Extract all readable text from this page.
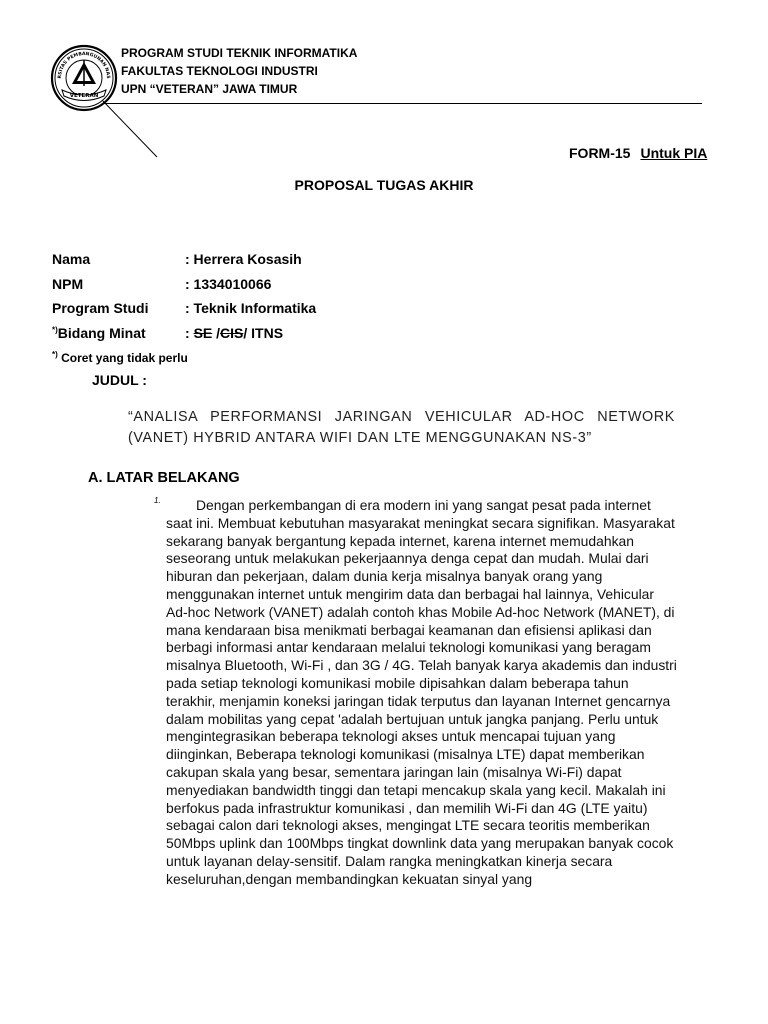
RSITAS PEMBANGUNAN NAS
VETERAN
PROGRAM STUDI TEKNIK INFORMATIKA
FAKULTAS TEKNOLOGI INDUSTRI
UPN “VETERAN” JAWA TIMUR
FORM-15 Untuk PIA
PROPOSAL TUGAS AKHIR
Nama	: Herrera Kosasih
NPM	: 1334010066
Program Studi	: Teknik Informatika
*)Bidang Minat	: SE /CIS/ ITNS
*) Coret yang tidak perlu
JUDUL :
“ANALISA PERFORMANSI JARINGAN VEHICULAR AD-HOC NETWORK (VANET) HYBRID ANTARA WIFI DAN LTE MENGGUNAKAN NS-3”
A. LATAR BELAKANG
1.	Dengan perkembangan di era modern ini yang sangat pesat pada internet saat ini. Membuat kebutuhan masyarakat meningkat secara signifikan. Masyarakat sekarang banyak bergantung kepada internet, karena internet memudahkan seseorang untuk melakukan pekerjaannya denga cepat dan mudah. Mulai dari hiburan dan pekerjaan, dalam dunia kerja misalnya banyak orang yang menggunakan internet untuk mengirim data dan berbagai hal lainnya, Vehicular Ad-hoc Network (VANET) adalah contoh khas Mobile Ad-hoc Network (MANET), di mana kendaraan bisa menikmati berbagai keamanan dan efisiensi aplikasi dan berbagi informasi antar kendaraan melalui teknologi komunikasi yang beragam misalnya Bluetooth, Wi-Fi , dan 3G / 4G. Telah banyak karya akademis dan industri pada setiap teknologi komunikasi mobile dipisahkan dalam beberapa tahun terakhir, menjamin koneksi jaringan tidak terputus dan layanan Internet gencarnya dalam mobilitas yang cepat 'adalah bertujuan untuk jangka panjang. Perlu untuk mengintegrasikan beberapa teknologi akses untuk mencapai tujuan yang diinginkan, Beberapa teknologi komunikasi (misalnya LTE) dapat memberikan cakupan skala yang besar, sementara jaringan lain (misalnya Wi-Fi) dapat menyediakan bandwidth tinggi dan tetapi mencakup skala yang kecil. Makalah ini berfokus pada infrastruktur komunikasi , dan memilih Wi-Fi dan 4G (LTE yaitu) sebagai calon dari teknologi akses, mengingat LTE secara teoritis memberikan 50Mbps uplink dan 100Mbps tingkat downlink data yang merupakan banyak cocok untuk layanan delay-sensitif. Dalam rangka meningkatkan kinerja secara keseluruhan,dengan membandingkan kekuatan sinyal yang
